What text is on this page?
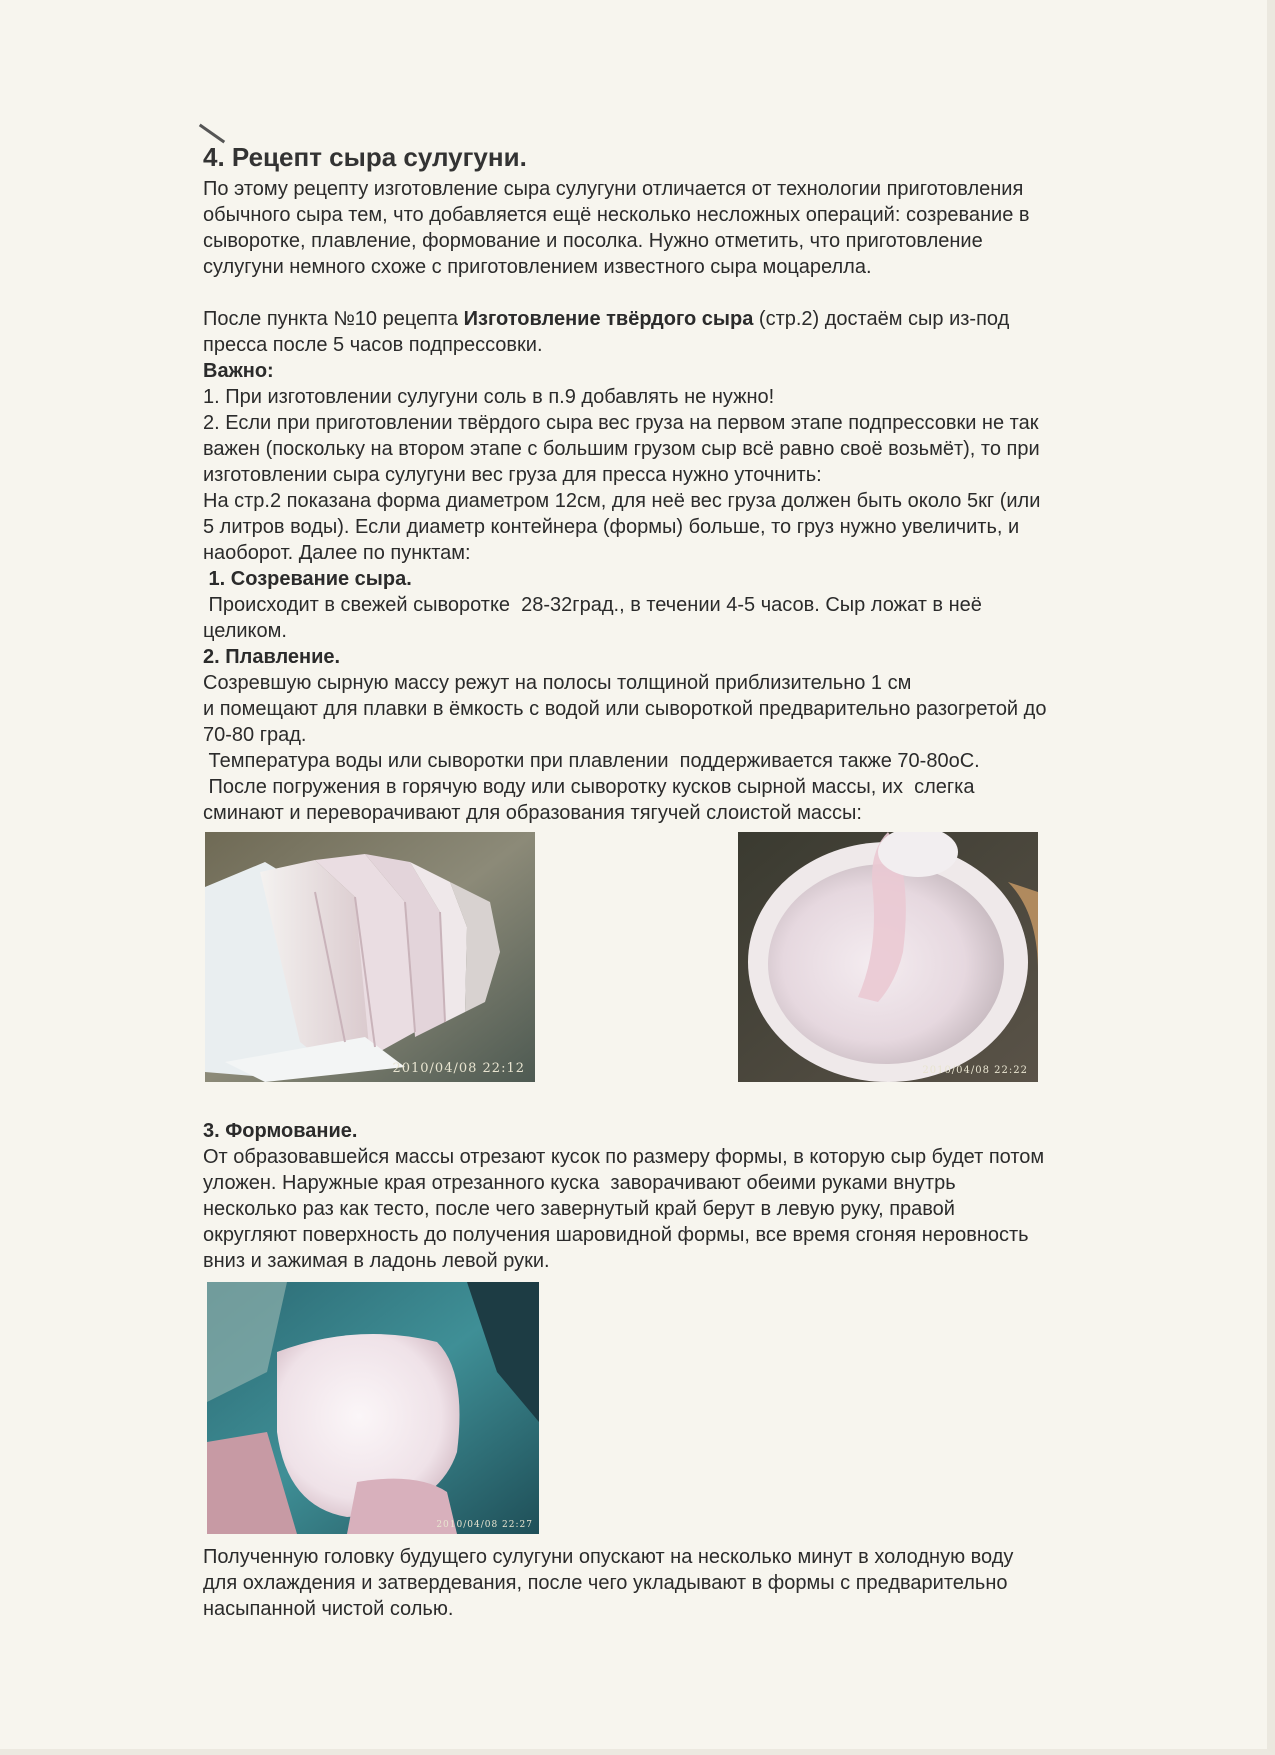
4. Рецепт сыра сулугуни.
По этому рецепту изготовление сыра сулугуни отличается от технологии приготовления
обычного сыра тем, что добавляется ещё несколько несложных операций: созревание в
сыворотке, плавление, формование и посолка. Нужно отметить, что приготовление
сулугуни немного схоже с приготовлением известного сыра моцарелла.
После пункта №10 рецепта Изготовление твёрдого сыра (стр.2) достаём сыр из-под
пресса после 5 часов подпрессовки.
Важно:
1. При изготовлении сулугуни соль в п.9 добавлять не нужно!
2. Если при приготовлении твёрдого сыра вес груза на первом этапе подпрессовки не так
важен (поскольку на втором этапе с большим грузом сыр всё равно своё возьмёт), то при
изготовлении сыра сулугуни вес груза для пресса нужно уточнить:
На стр.2 показана форма диаметром 12см, для неё вес груза должен быть около 5кг (или
5 литров воды). Если диаметр контейнера (формы) больше, то груз нужно увеличить, и
наоборот. Далее по пунктам:
1. Созревание сыра.
Происходит в свежей сыворотке  28-32град., в течении 4-5 часов. Сыр ложат в неё
целиком.
2. Плавление.
Созревшую сырную массу режут на полосы толщиной приблизительно 1 см
и помещают для плавки в ёмкость с водой или сывороткой предварительно разогретой до
70-80 град.
Температура воды или сыворотки при плавлении  поддерживается также 70-80оС.
После погружения в горячую воду или сыворотку кусков сырной массы, их  слегка
сминают и переворачивают для образования тягучей слоистой массы:
2010/04/08 22:12	2010/04/08 22:22
3. Формование.
От образовавшейся массы отрезают кусок по размеру формы, в которую сыр будет потом
уложен. Наружные края отрезанного куска  заворачивают обеими руками внутрь
несколько раз как тесто, после чего завернутый край берут в левую руку, правой
округляют поверхность до получения шаровидной формы, все время сгоняя неровность
вниз и зажимая в ладонь левой руки.
2010/04/08 22:27
Полученную головку будущего сулугуни опускают на несколько минут в холодную воду
для охлаждения и затвердевания, после чего укладывают в формы с предварительно
насыпанной чистой солью.
